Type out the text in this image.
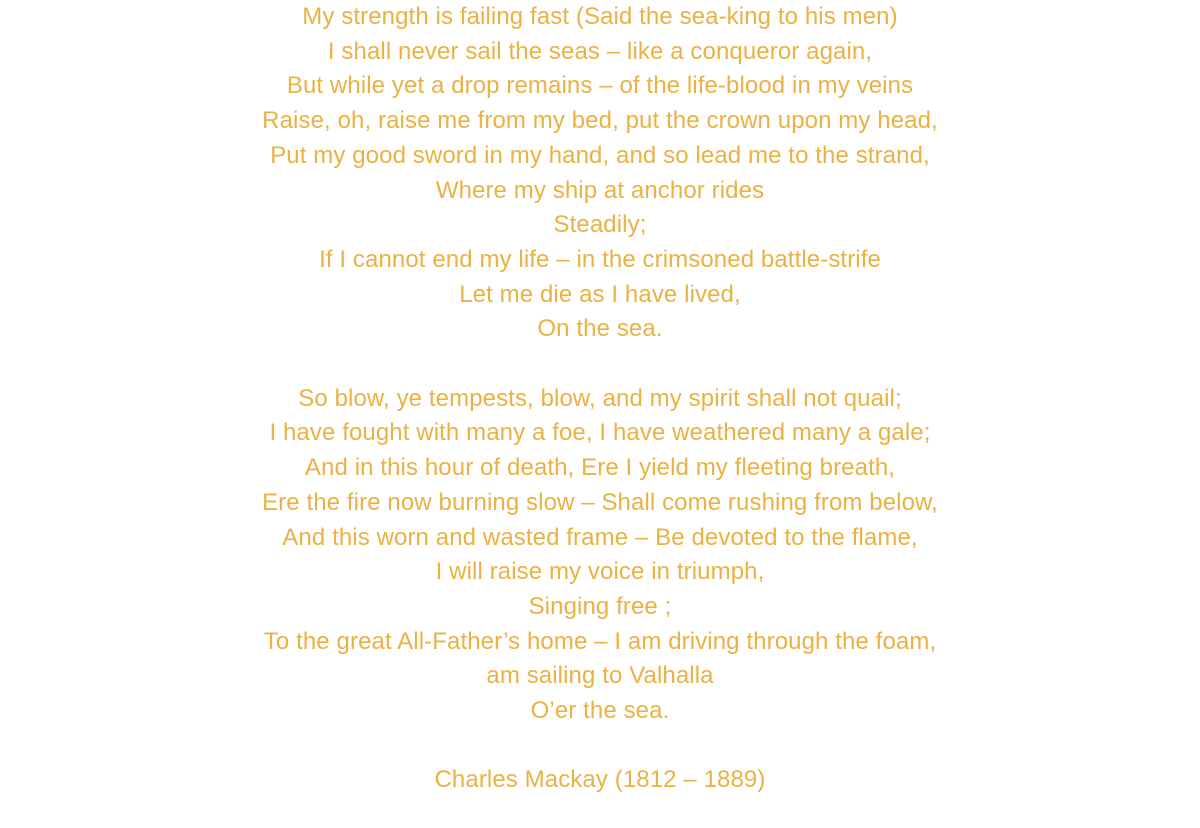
My strength is failing fast (Said the sea-king to his men)
I shall never sail the seas – like a conqueror again,
But while yet a drop remains – of the life-blood in my veins
Raise, oh, raise me from my bed, put the crown upon my head,
Put my good sword in my hand, and so lead me to the strand,
Where my ship at anchor rides
Steadily;
If I cannot end my life – in the crimsoned battle-strife
Let me die as I have lived,
On the sea.
So blow, ye tempests, blow, and my spirit shall not quail;
I have fought with many a foe, I have weathered many a gale;
And in this hour of death, Ere I yield my fleeting breath,
Ere the fire now burning slow – Shall come rushing from below,
And this worn and wasted frame – Be devoted to the flame,
I will raise my voice in triumph,
Singing free ;
To the great All-Father’s home – I am driving through the foam,
am sailing to Valhalla
O’er the sea.
Charles Mackay (1812 – 1889)
